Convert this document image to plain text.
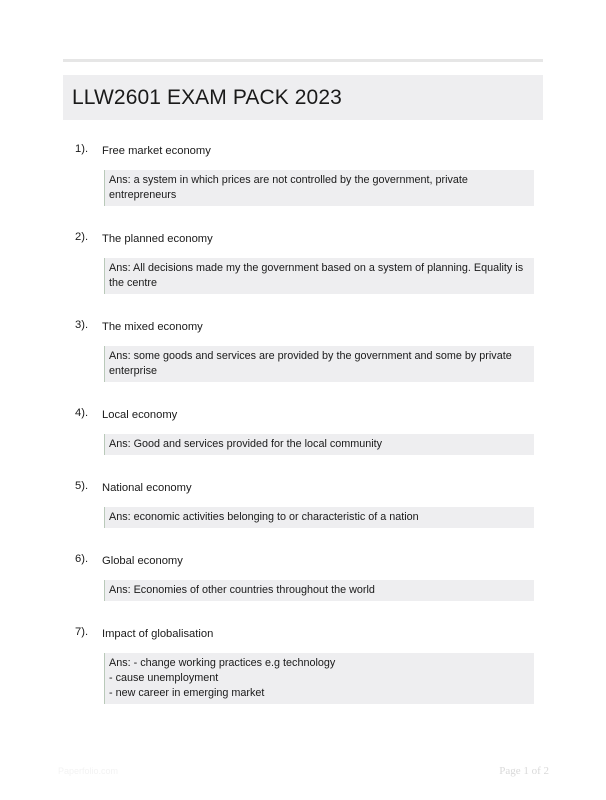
LLW2601 EXAM PACK 2023
1). Free market economy
Ans: a system in which prices are not controlled by the government, private entrepreneurs
2). The planned economy
Ans: All decisions made my the government based on a system of planning. Equality is
the centre
3). The mixed economy
Ans: some goods and services are provided by the government and some by private
enterprise
4). Local economy
Ans: Good and services provided for the local community
5). National economy
Ans: economic activities belonging to or characteristic of a nation
6). Global economy
Ans: Economies of other countries throughout the world
7). Impact of globalisation
Ans: - change working practices e.g technology
- cause unemployment
- new career in emerging market
Paperfolio.com	Page 1 of 2
